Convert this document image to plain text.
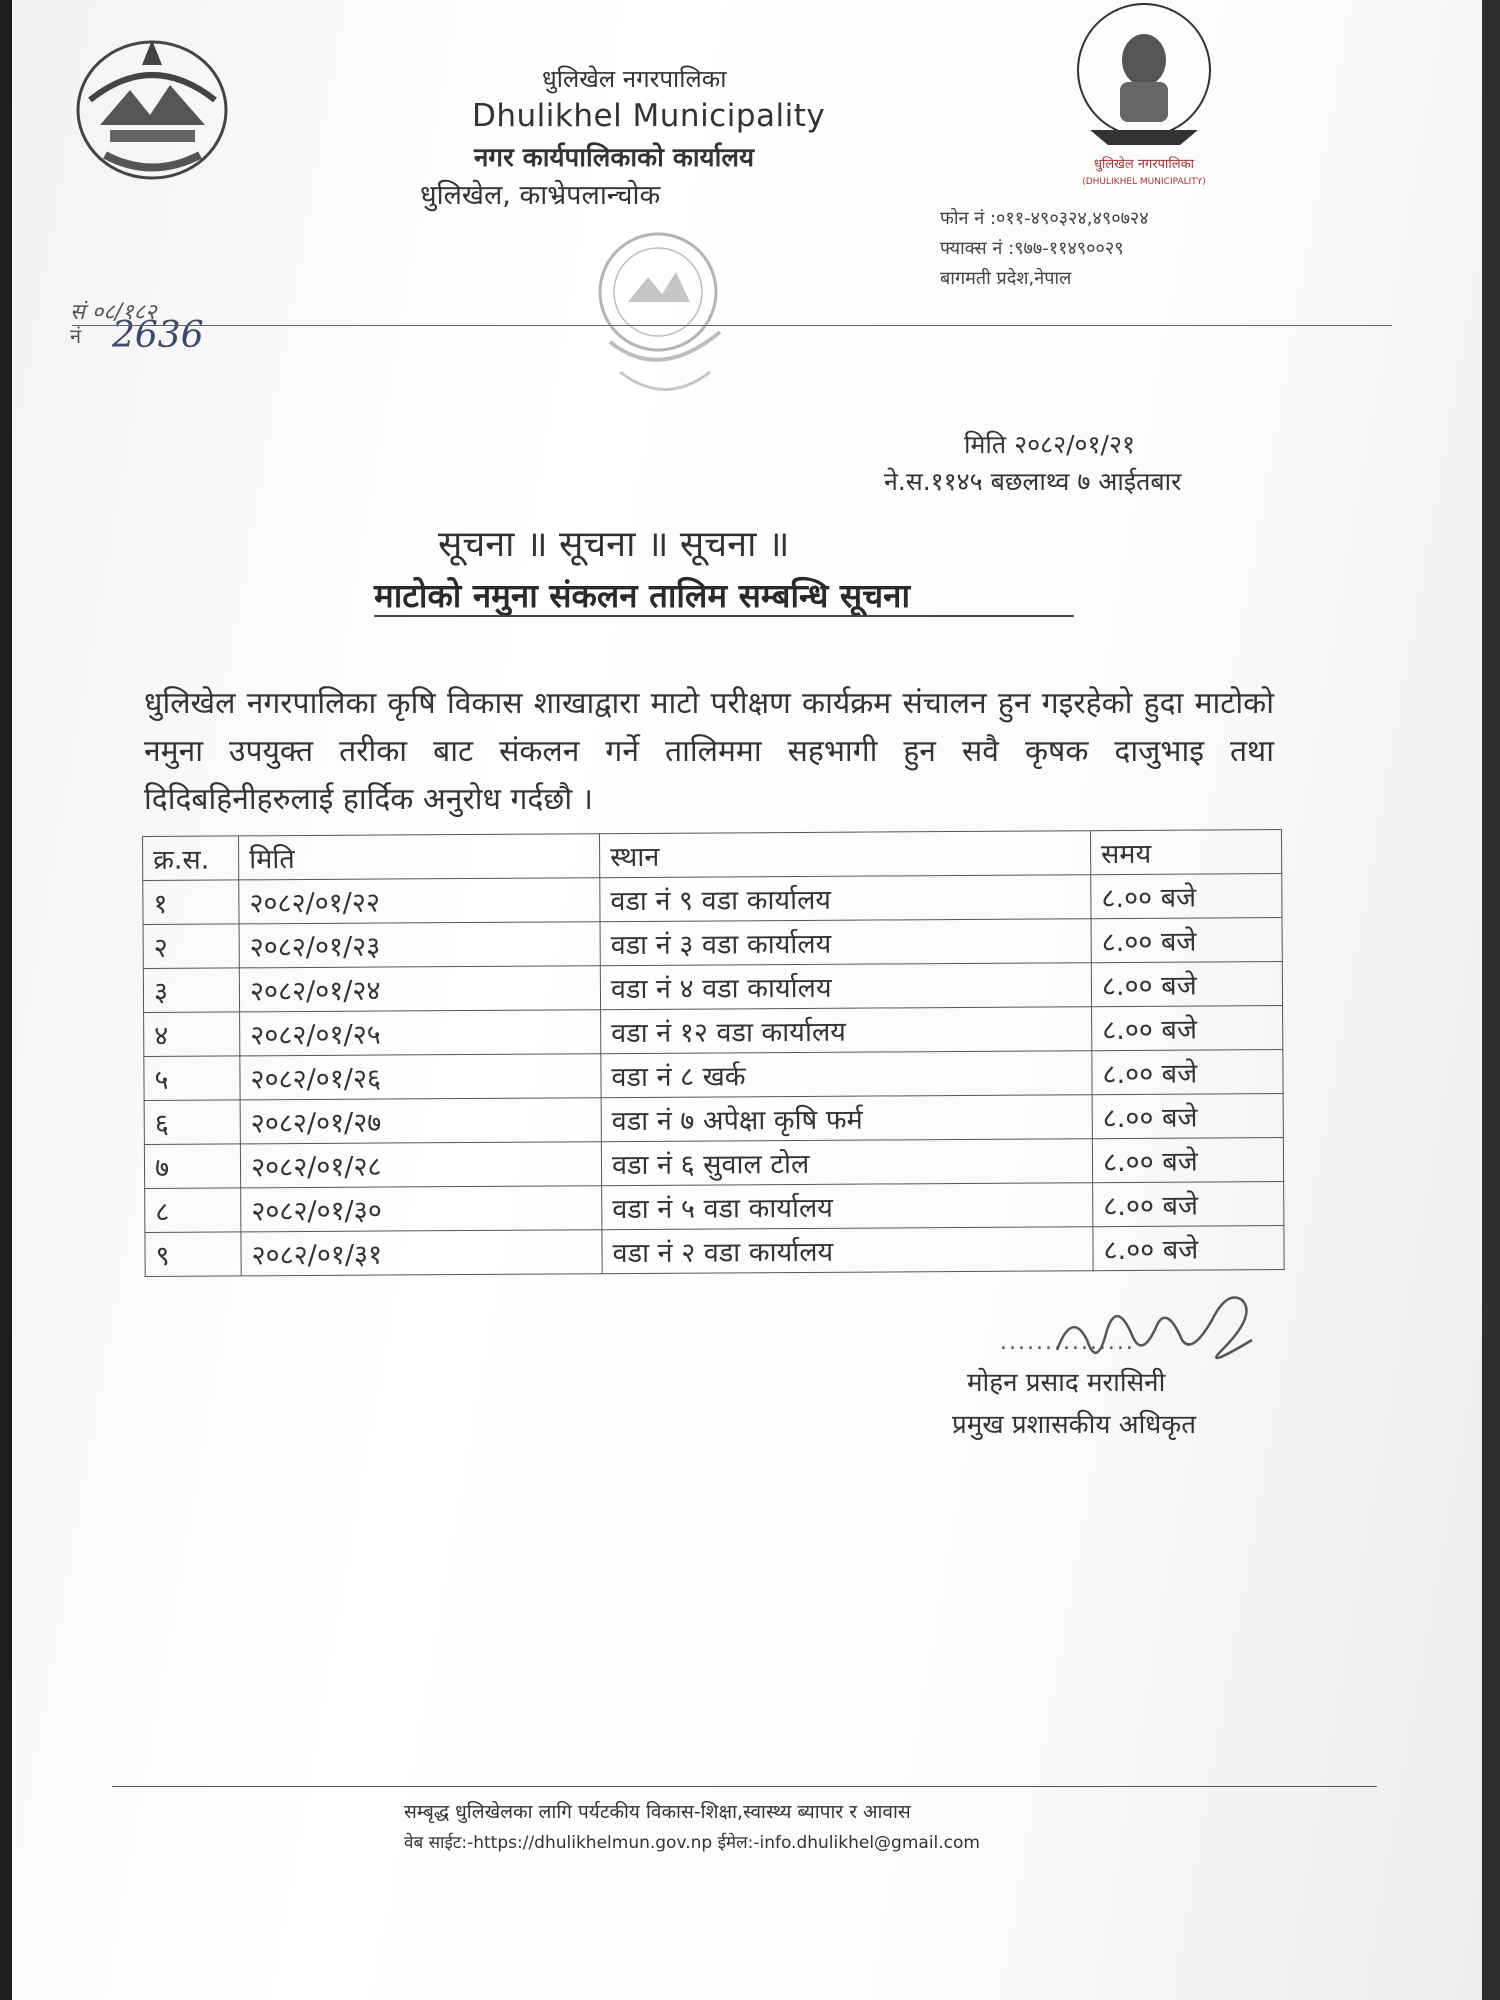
धुलिखेल नगरपालिका
(DHULIKHEL MUNICIPALITY)
धुलिखेल नगरपालिका
Dhulikhel Municipality
नगर कार्यपालिकाको कार्यालय
धुलिखेल, काभ्रेपलान्चोक
फोन नं :०११-४९०३२४,४९०७२४
फ्याक्स नं :९७७-११४९००२९
बागमती प्रदेश,नेपाल
सं ०८/१८२
नं 2636
मिति २०८२/०१/२१
ने.स.११४५ बछलाथ्व ७ आईतबार
सूचना ॥ सूचना ॥ सूचना ॥
माटोको नमुना संकलन तालिम सम्बन्धि सूचना
धुलिखेल नगरपालिका कृषि विकास शाखाद्वारा माटो परीक्षण कार्यक्रम संचालन हुन गइरहेको हुदा माटोको नमुना उपयुक्त तरीका बाट संकलन गर्ने तालिममा सहभागी हुन सवै कृषक दाजुभाइ तथा दिदिबहिनीहरुलाई हार्दिक अनुरोध गर्दछौ ।
क्र.स.	मिति	स्थान	समय
१	२०८२/०१/२२	वडा नं ९ वडा कार्यालय	८.०० बजे
२	२०८२/०१/२३	वडा नं ३ वडा कार्यालय	८.०० बजे
३	२०८२/०१/२४	वडा नं ४ वडा कार्यालय	८.०० बजे
४	२०८२/०१/२५	वडा नं १२ वडा कार्यालय	८.०० बजे
५	२०८२/०१/२६	वडा नं ८ खर्क	८.०० बजे
६	२०८२/०१/२७	वडा नं ७ अपेक्षा कृषि फर्म	८.०० बजे
७	२०८२/०१/२८	वडा नं ६ सुवाल टोल	८.०० बजे
८	२०८२/०१/३०	वडा नं ५ वडा कार्यालय	८.०० बजे
९	२०८२/०१/३१	वडा नं २ वडा कार्यालय	८.०० बजे
...............
मोहन प्रसाद मरासिनी
प्रमुख प्रशासकीय अधिकृत
सम्बृद्ध धुलिखेलका लागि पर्यटकीय विकास-शिक्षा,स्वास्थ्य ब्यापार र आवास
वेब साईट:-https://dhulikhelmun.gov.np ईमेल:-info.dhulikhel@gmail.com
